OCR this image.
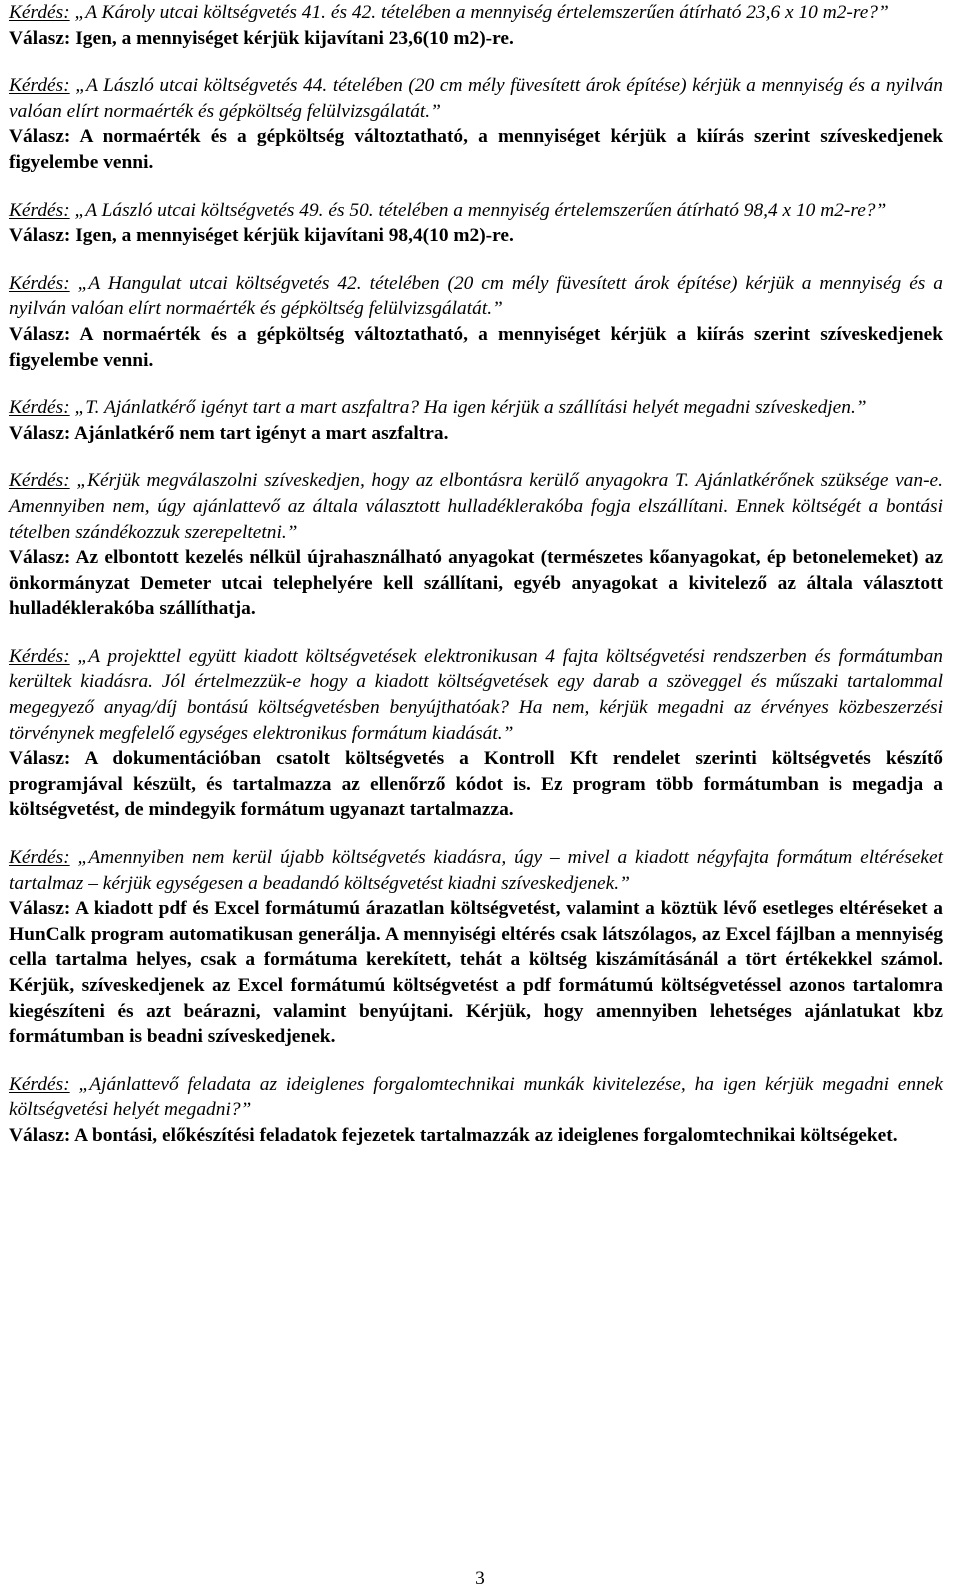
Kérdés: „A Károly utcai költségvetés 41. és 42. tételében a mennyiség értelemszerűen átírható 23,6 x 10 m2-re?”

Válasz: Igen, a mennyiséget kérjük kijavítani 23,6(10 m2)-re.

Kérdés: „A László utcai költségvetés 44. tételében (20 cm mély füvesített árok építése) kérjük a mennyiség és a nyilván valóan elírt normaérték és gépköltség felülvizsgálatát.”

Válasz: A normaérték és a gépköltség változtatható, a mennyiséget kérjük a kiírás szerint szíveskedjenek figyelembe venni.

Kérdés: „A László utcai költségvetés 49. és 50. tételében a mennyiség értelemszerűen átírható 98,4 x 10 m2-re?”

Válasz: Igen, a mennyiséget kérjük kijavítani 98,4(10 m2)-re.

Kérdés: „A Hangulat utcai költségvetés 42. tételében (20 cm mély füvesített árok építése) kérjük a mennyiség és a nyilván valóan elírt normaérték és gépköltség felülvizsgálatát.”

Válasz: A normaérték és a gépköltség változtatható, a mennyiséget kérjük a kiírás szerint szíveskedjenek figyelembe venni.

Kérdés: „T. Ajánlatkérő igényt tart a mart aszfaltra? Ha igen kérjük a szállítási helyét megadni szíveskedjen.”

Válasz: Ajánlatkérő nem tart igényt a mart aszfaltra.

Kérdés: „Kérjük megválaszolni szíveskedjen, hogy az elbontásra kerülő anyagokra T. Ajánlatkérőnek szüksége van-e. Amennyiben nem, úgy ajánlattevő az általa választott hulladéklerakóba fogja elszállítani. Ennek költségét a bontási tételben szándékozzuk szerepeltetni.”

Válasz: Az elbontott kezelés nélkül újrahasználható anyagokat (természetes kőanyagokat, ép betonelemeket) az önkormányzat Demeter utcai telephelyére kell szállítani, egyéb anyagokat a kivitelező az általa választott hulladéklerakóba szállíthatja.

Kérdés: „A projekttel együtt kiadott költségvetések elektronikusan 4 fajta költségvetési rendszerben és formátumban kerültek kiadásra. Jól értelmezzük-e hogy a kiadott költségvetések egy darab a szöveggel és műszaki tartalommal megegyező anyag/díj bontású költségvetésben benyújthatóak? Ha nem, kérjük megadni az érvényes közbeszerzési törvénynek megfelelő egységes elektronikus formátum kiadását.”

Válasz: A dokumentációban csatolt költségvetés a Kontroll Kft rendelet szerinti költségvetés készítő programjával készült, és tartalmazza az ellenőrző kódot is. Ez program több formátumban is megadja a költségvetést, de mindegyik formátum ugyanazt tartalmazza.

Kérdés: „Amennyiben nem kerül újabb költségvetés kiadásra, úgy – mivel a kiadott négyfajta formátum eltéréseket tartalmaz – kérjük egységesen a beadandó költségvetést kiadni szíveskedjenek.”

Válasz: A kiadott pdf és Excel formátumú árazatlan költségvetést, valamint a köztük lévő esetleges eltéréseket a HunCalk program automatikusan generálja. A mennyiségi eltérés csak látszólagos, az Excel fájlban a mennyiség cella tartalma helyes, csak a formátuma kerekített, tehát a költség kiszámításánál a tört értékekkel számol. Kérjük, szíveskedjenek az Excel formátumú költségvetést a pdf formátumú költségvetéssel azonos tartalomra kiegészíteni és azt beárazni, valamint benyújtani. Kérjük, hogy amennyiben lehetséges ajánlatukat kbz formátumban is beadni szíveskedjenek.

Kérdés: „Ajánlattevő feladata az ideiglenes forgalomtechnikai munkák kivitelezése, ha igen kérjük megadni ennek költségvetési helyét megadni?”

Válasz: A bontási, előkészítési feladatok fejezetek tartalmazzák az ideiglenes forgalomtechnikai költségeket.

3
